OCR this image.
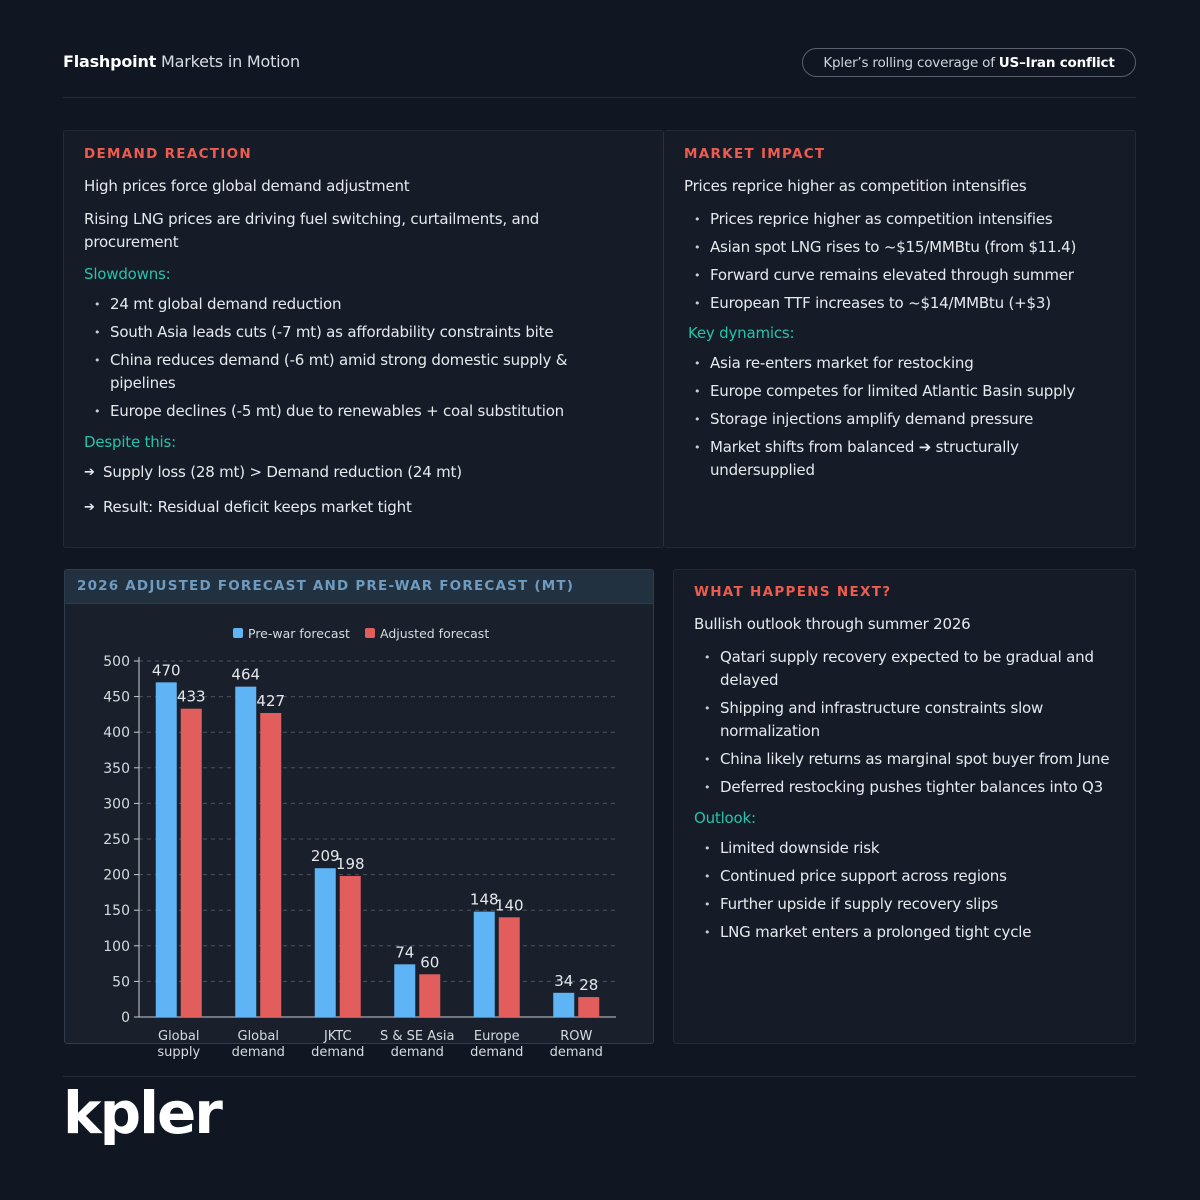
Flashpoint Markets in Motion	Kpler’s rolling coverage of US–Iran conflict
DEMAND REACTION
High prices force global demand adjustment
Rising LNG prices are driving fuel switching, curtailments, and procurement
Slowdowns:
• 24 mt global demand reduction
• South Asia leads cuts (-7 mt) as affordability constraints bite
• China reduces demand (-6 mt) amid strong domestic supply & pipelines
• Europe declines (-5 mt) due to renewables + coal substitution
Despite this:
➔ Supply loss (28 mt) > Demand reduction (24 mt)
➔ Result: Residual deficit keeps market tight
MARKET IMPACT
Prices reprice higher as competition intensifies
• Prices reprice higher as competition intensifies
• Asian spot LNG rises to ~$15/MMBtu (from $11.4)
• Forward curve remains elevated through summer
• European TTF increases to ~$14/MMBtu (+$3)
Key dynamics:
• Asia re-enters market for restocking
• Europe competes for limited Atlantic Basin supply
• Storage injections amplify demand pressure
• Market shifts from balanced ➔ structurally undersupplied
2026 ADJUSTED FORECAST AND PRE-WAR FORECAST (MT)
0
50
100
150
200
250
300
350
400
450
500
Pre-war forecast Adjusted forecast
470
433
Global
supply
464
427
Global
demand
209
198
JKTC
demand
74
60
S & SE Asia
demand
148
140
Europe
demand
34 28
ROW
demand
WHAT HAPPENS NEXT?
Bullish outlook through summer 2026
• Qatari supply recovery expected to be gradual and delayed
• Shipping and infrastructure constraints slow normalization
• China likely returns as marginal spot buyer from June
• Deferred restocking pushes tighter balances into Q3
Outlook:
• Limited downside risk
• Continued price support across regions
• Further upside if supply recovery slips
• LNG market enters a prolonged tight cycle
kpler
